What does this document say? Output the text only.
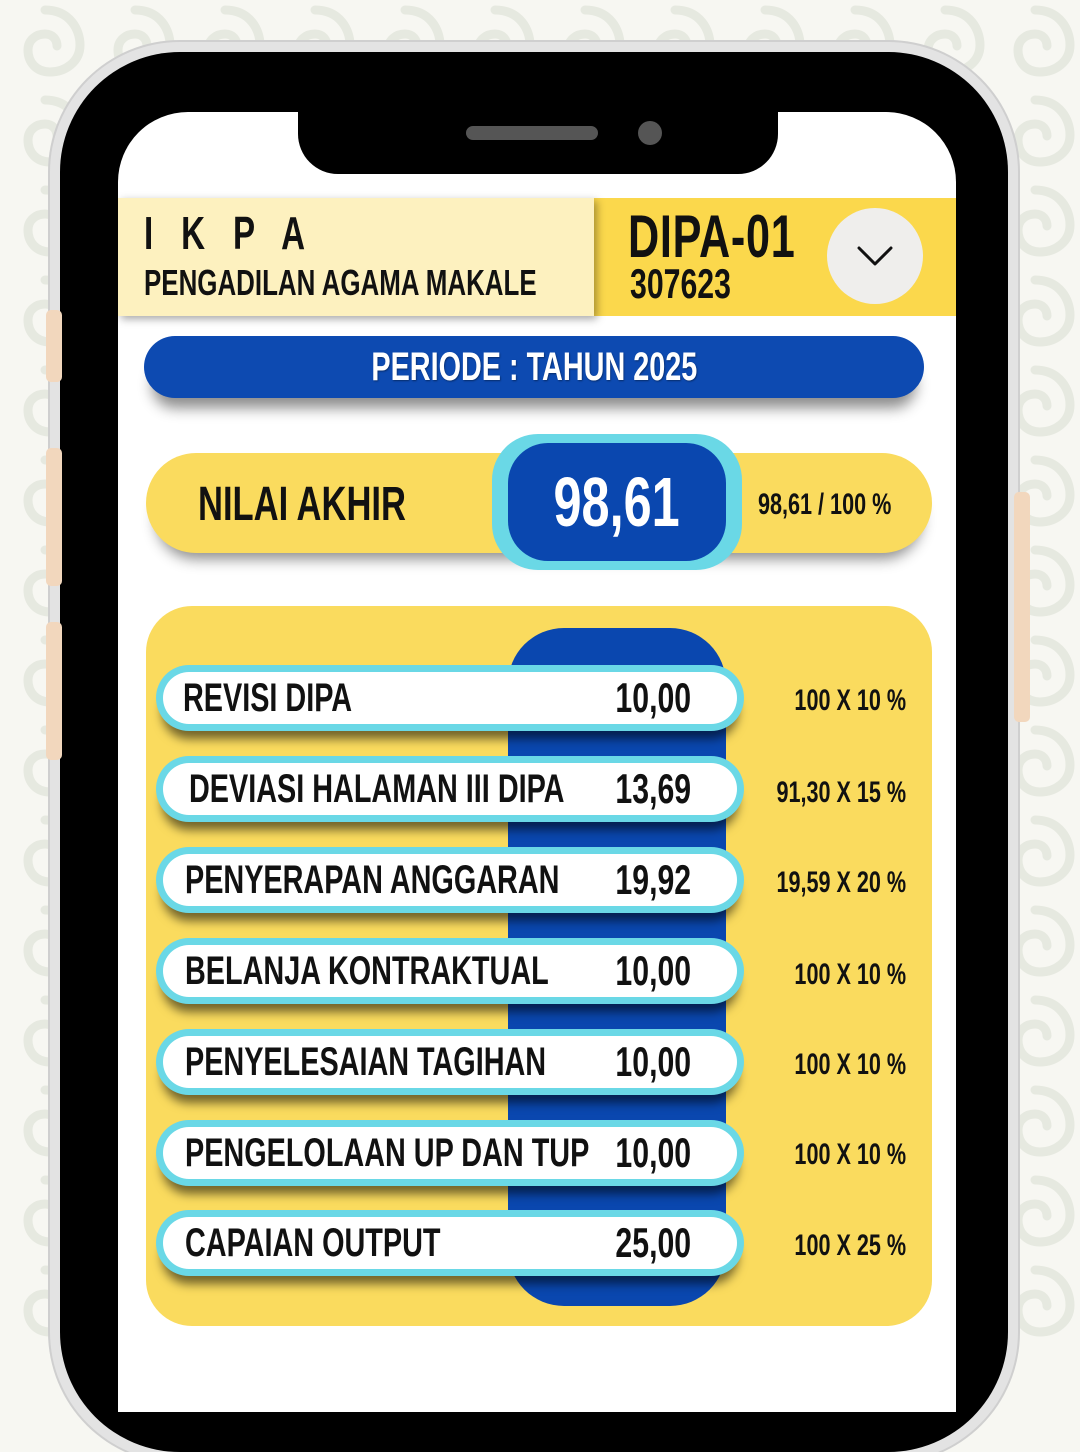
I K P A
PENGADILAN AGAMA MAKALE
DIPA-01
307623
PERIODE : TAHUN 2025
NILAI AKHIR	98,61	98,61 / 100 %
REVISI DIPA	10,00	100 X 10 %
DEVIASI HALAMAN III DIPA	13,69	91,30 X 15 %
PENYERAPAN ANGGARAN	19,92	19,59 X 20 %
BELANJA KONTRAKTUAL	10,00	100 X 10 %
PENYELESAIAN TAGIHAN	10,00	100 X 10 %
PENGELOLAAN UP DAN TUP 10,00	100 X 10 %
CAPAIAN OUTPUT	25,00	100 X 25 %
